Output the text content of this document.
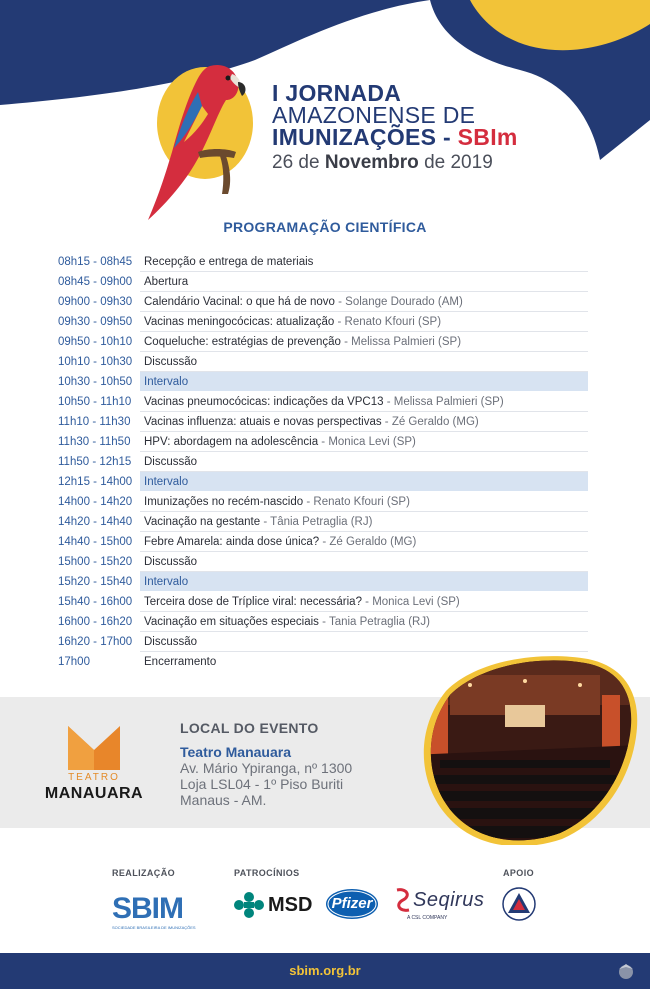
I JORNADA
AMAZONENSE DE
IMUNIZAÇÕES - SBIm
26 de Novembro de 2019
PROGRAMAÇÃO CIENTÍFICA
08h15 - 08h45	Recepção e entrega de materiais
08h45 - 09h00	Abertura
09h00 - 09h30	Calendário Vacinal: o que há de novo - Solange Dourado (AM)
09h30 - 09h50	Vacinas meningocócicas: atualização - Renato Kfouri (SP)
09h50 - 10h10	Coqueluche: estratégias de prevenção - Melissa Palmieri (SP)
10h10 - 10h30	Discussão
10h30 - 10h50	Intervalo
10h50 - 11h10	Vacinas pneumocócicas: indicações da VPC13 - Melissa Palmieri (SP)
11h10 - 11h30	Vacinas influenza: atuais e novas perspectivas - Zé Geraldo (MG)
11h30 - 11h50	HPV: abordagem na adolescência - Monica Levi (SP)
11h50 - 12h15	Discussão
12h15 - 14h00	Intervalo
14h00 - 14h20	Imunizações no recém-nascido - Renato Kfouri (SP)
14h20 - 14h40	Vacinação na gestante - Tânia Petraglia (RJ)
14h40 - 15h00	Febre Amarela: ainda dose única? - Zé Geraldo (MG)
15h00 - 15h20	Discussão
15h20 - 15h40	Intervalo
15h40 - 16h00	Terceira dose de Tríplice viral: necessária? - Monica Levi (SP)
16h00 - 16h20	Vacinação em situações especiais - Tania Petraglia (RJ)
16h20 - 17h00	Discussão
17h00	Encerramento
TEATRO
MANAUARA
LOCAL DO EVENTO
Teatro Manauara
Av. Mário Ypiranga, nº 1300
Loja LSL04 - 1º Piso Buriti
Manaus - AM.
REALIZAÇÃO	PATROCÍNIOS	APOIO
SBIM
SOCIEDADE BRASILEIRA DE IMUNIZAÇÕES
MSD	Pfizer	Seqirus
A CSL COMPANY
sbim.org.br
